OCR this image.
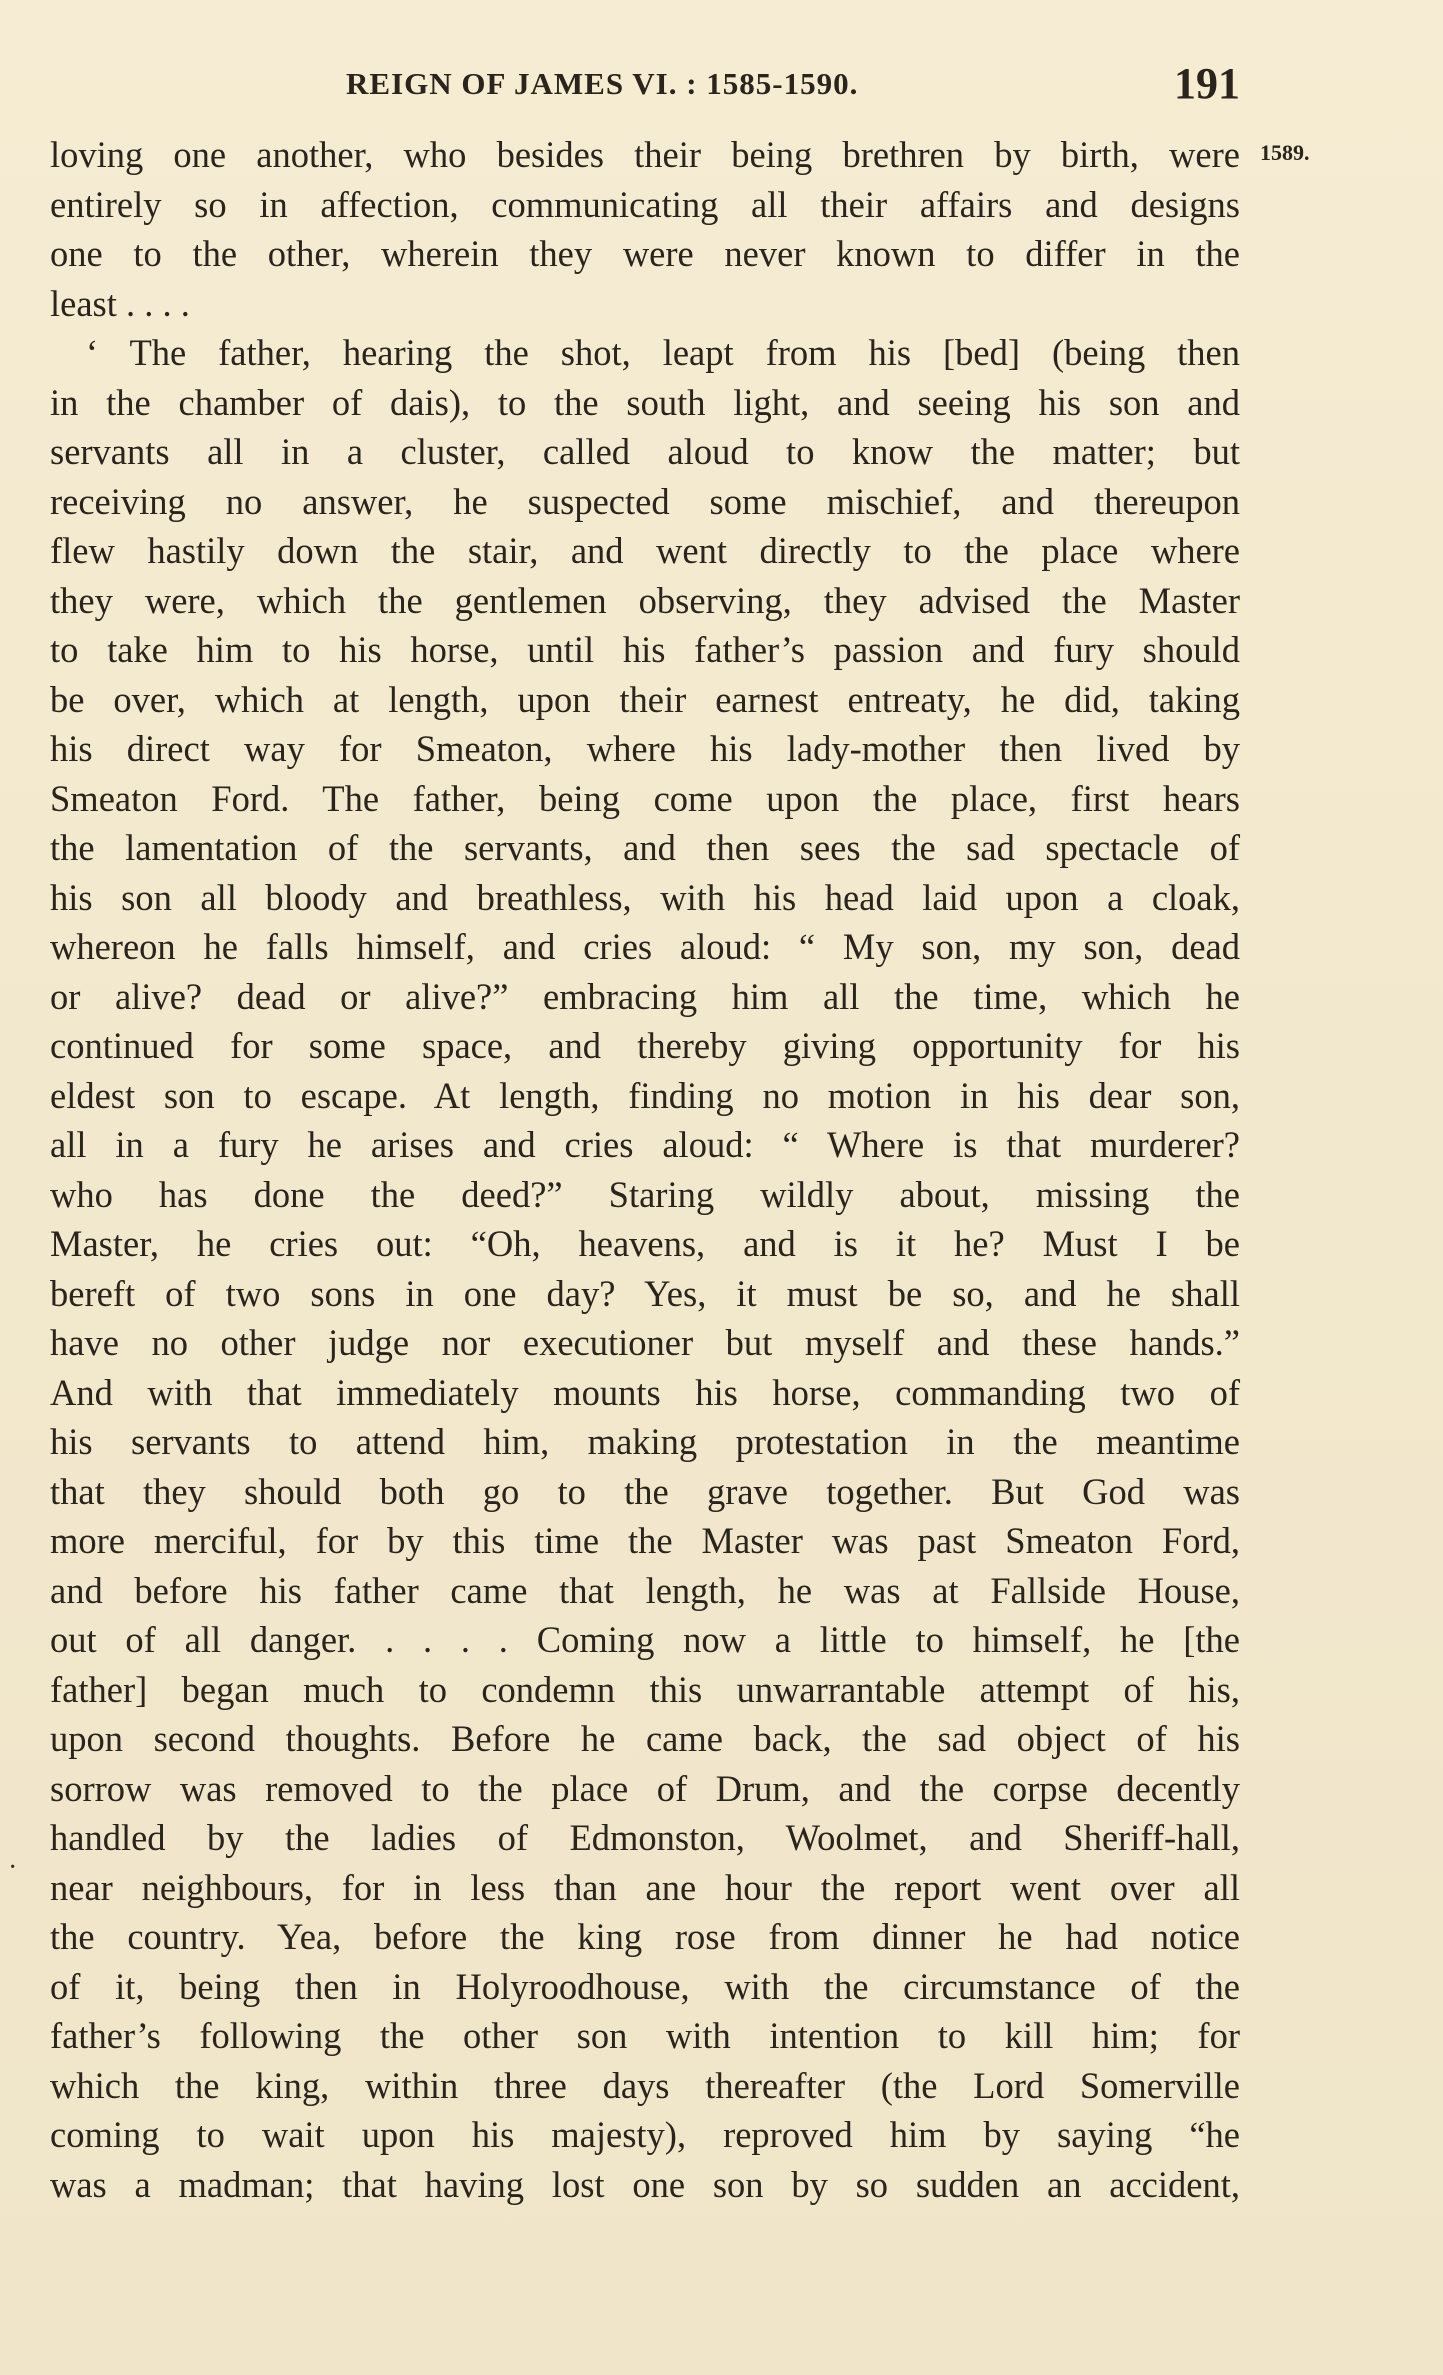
REIGN OF JAMES VI. : 1585-1590.	191
1589.
·
loving one another, who besides their being brethren by birth, were
entirely so in affection, communicating all their affairs and designs
one to the other, wherein they were never known to differ in the
least . . . .
‘ The father, hearing the shot, leapt from his [bed] (being then
in the chamber of dais), to the south light, and seeing his son and
servants all in a cluster, called aloud to know the matter; but
receiving no answer, he suspected some mischief, and thereupon
flew hastily down the stair, and went directly to the place where
they were, which the gentlemen observing, they advised the Master
to take him to his horse, until his father’s passion and fury should
be over, which at length, upon their earnest entreaty, he did, taking
his direct way for Smeaton, where his lady-mother then lived by
Smeaton Ford. The father, being come upon the place, first hears
the lamentation of the servants, and then sees the sad spectacle of
his son all bloody and breathless, with his head laid upon a cloak,
whereon he falls himself, and cries aloud: “ My son, my son, dead
or alive? dead or alive?” embracing him all the time, which he
continued for some space, and thereby giving opportunity for his
eldest son to escape. At length, finding no motion in his dear son,
all in a fury he arises and cries aloud: “ Where is that murderer?
who has done the deed?” Staring wildly about, missing the
Master, he cries out: “Oh, heavens, and is it he? Must I be
bereft of two sons in one day? Yes, it must be so, and he shall
have no other judge nor executioner but myself and these hands.”
And with that immediately mounts his horse, commanding two of
his servants to attend him, making protestation in the meantime
that they should both go to the grave together. But God was
more merciful, for by this time the Master was past Smeaton Ford,
and before his father came that length, he was at Fallside House,
out of all danger. . . . . Coming now a little to himself, he [the
father] began much to condemn this unwarrantable attempt of his,
upon second thoughts. Before he came back, the sad object of his
sorrow was removed to the place of Drum, and the corpse decently
handled by the ladies of Edmonston, Woolmet, and Sheriff-hall,
near neighbours, for in less than ane hour the report went over all
the country. Yea, before the king rose from dinner he had notice
of it, being then in Holyroodhouse, with the circumstance of the
father’s following the other son with intention to kill him; for
which the king, within three days thereafter (the Lord Somerville
coming to wait upon his majesty), reproved him by saying “he
was a madman; that having lost one son by so sudden an accident,
